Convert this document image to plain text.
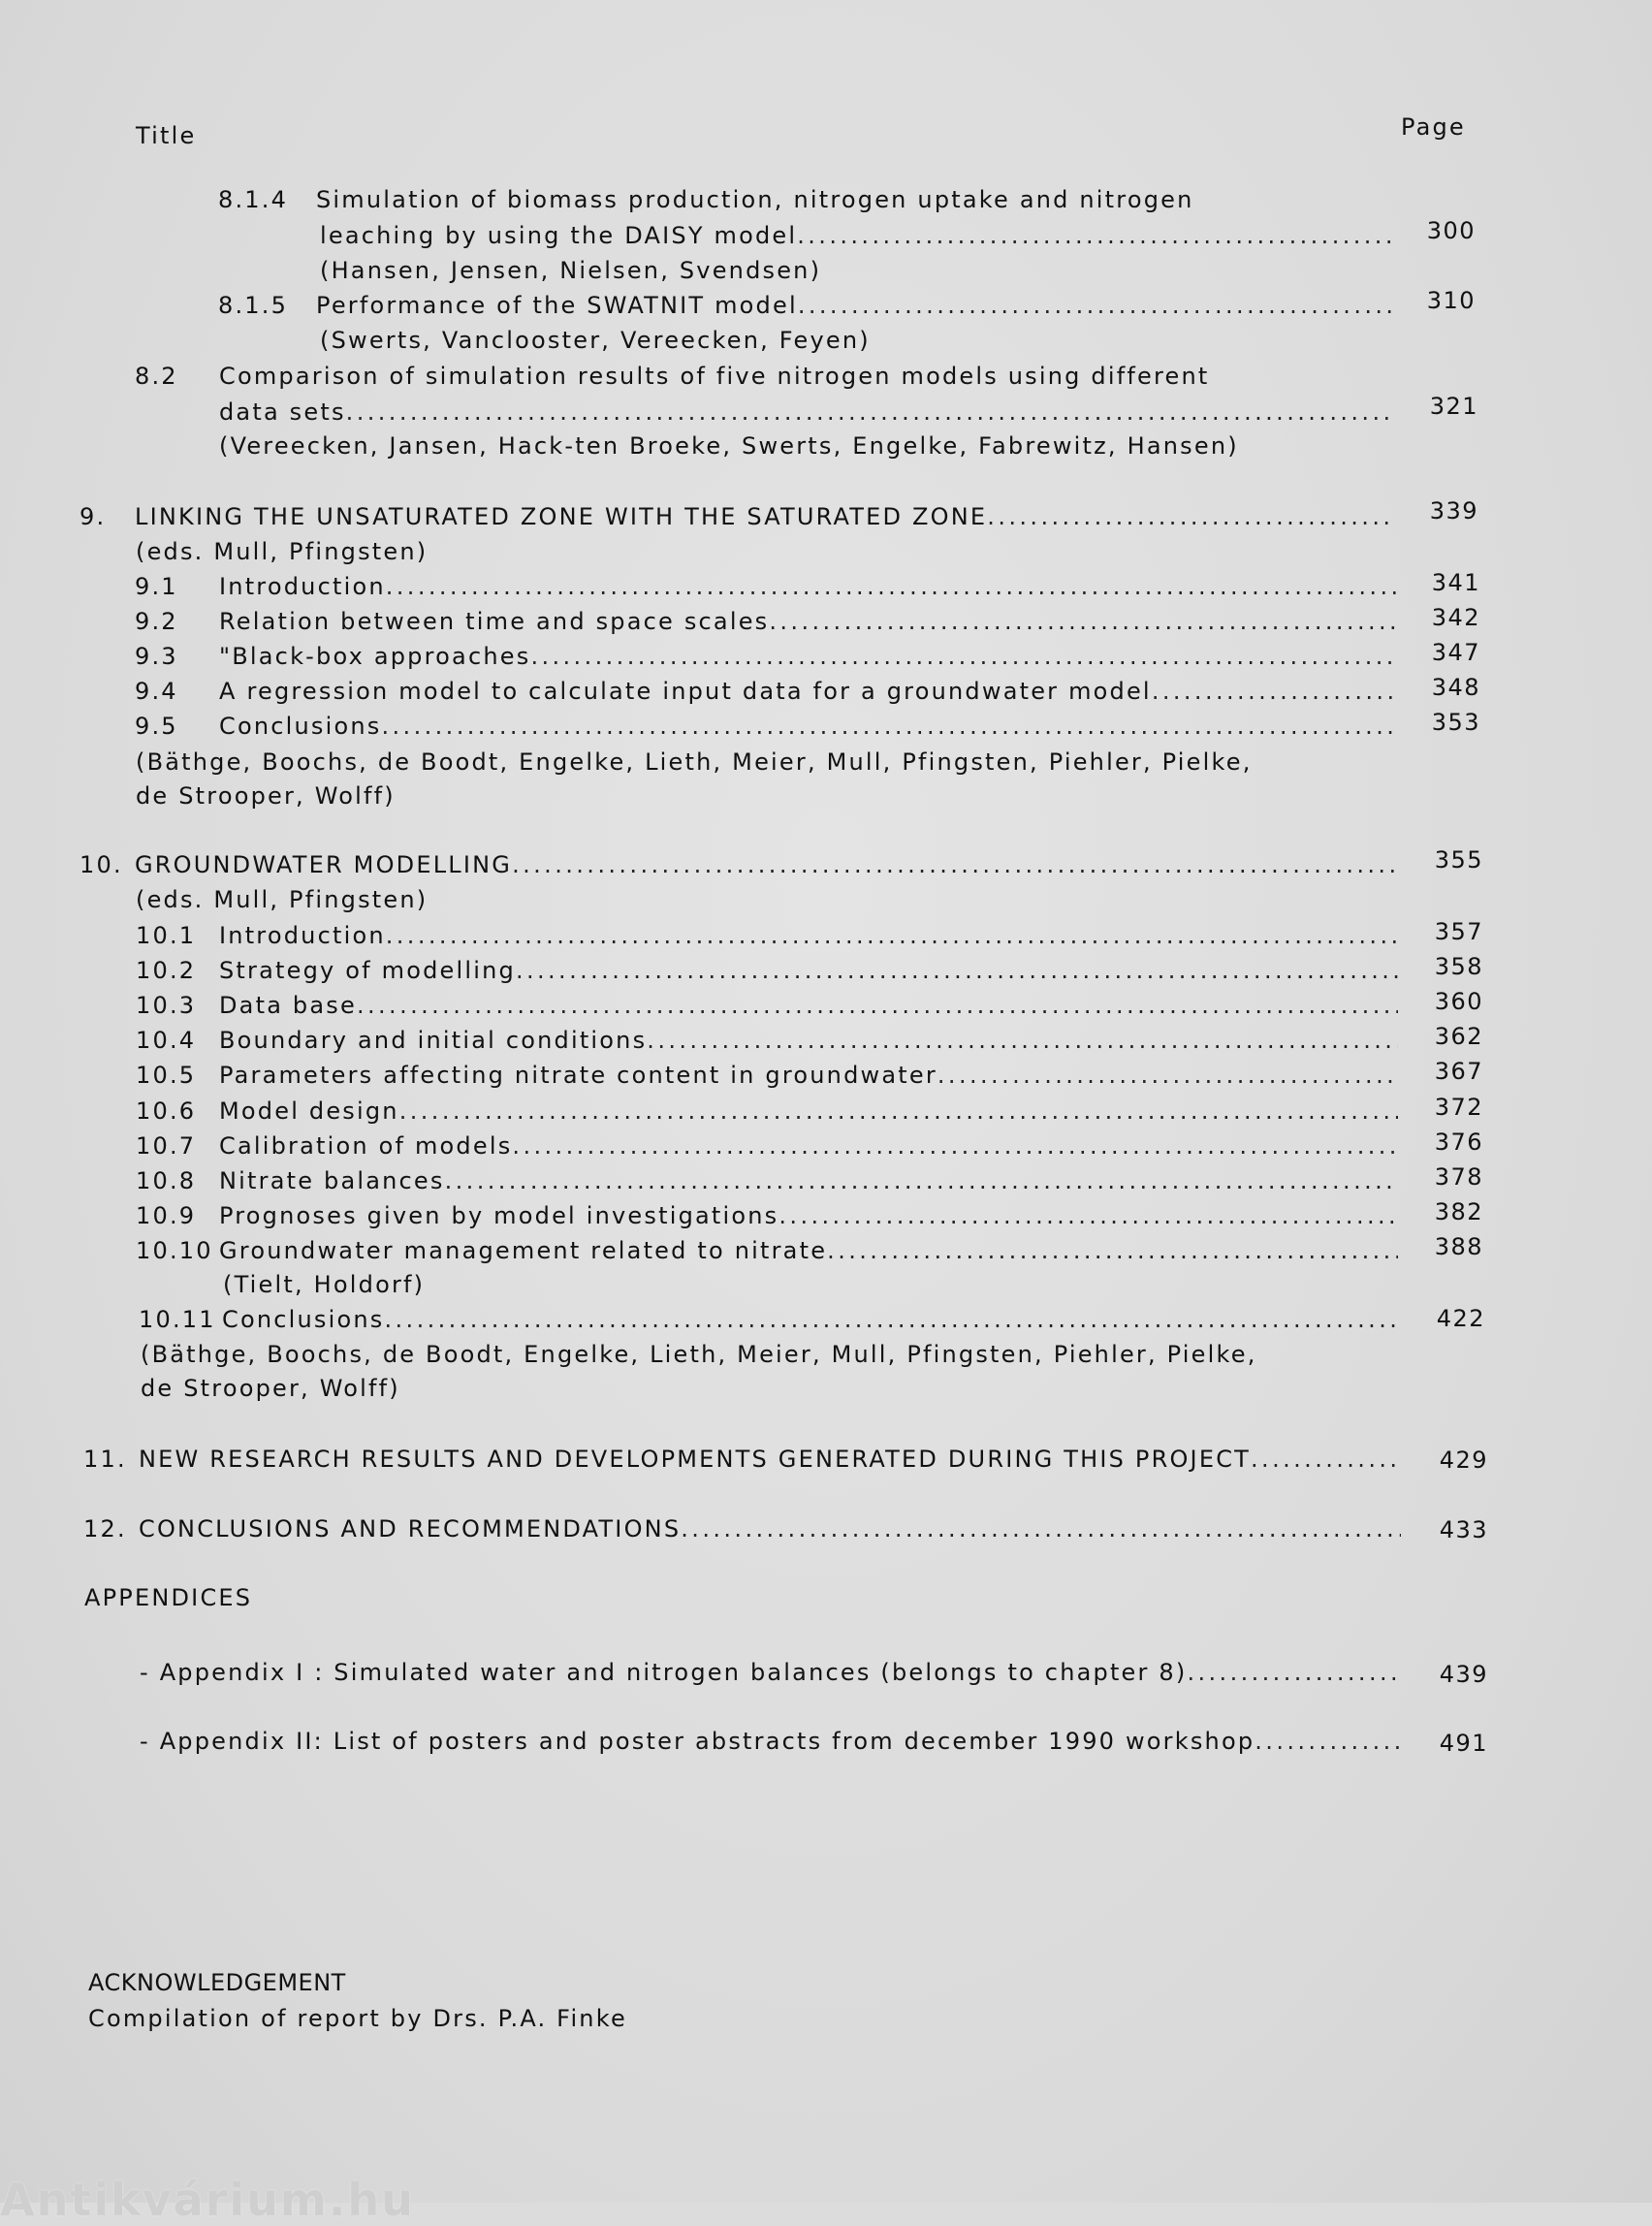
Title	Page
8.1.4 Simulation of biomass production, nitrogen uptake and nitrogen
leaching by using the DAISY model .....	300
(Hansen, Jensen, Nielsen, Svendsen)
8.1.5 Performance of the SWATNIT model .....	310
(Swerts, Vanclooster, Vereecken, Feyen)
8.2 Comparison of simulation results of five nitrogen models using different
data sets .....	321
(Vereecken, Jansen, Hack-ten Broeke, Swerts, Engelke, Fabrewitz, Hansen)
9. LINKING THE UNSATURATED ZONE WITH THE SATURATED ZONE .....	339
(eds. Mull, Pfingsten)
9.1 Introduction .....	341
9.2 Relation between time and space scales .....	342
9.3 "Black-box approaches .....	347
9.4 A regression model to calculate input data for a groundwater model .....	348
9.5 Conclusions .....	353
(Bäthge, Boochs, de Boodt, Engelke, Lieth, Meier, Mull, Pfingsten, Piehler, Pielke,
de Strooper, Wolff)
10. GROUNDWATER MODELLING .....	355
(eds. Mull, Pfingsten)
10.1 Introduction .....	357
10.2 Strategy of modelling .....	358
10.3 Data base .....	360
10.4 Boundary and initial conditions .....	362
10.5 Parameters affecting nitrate content in groundwater .....	367
10.6 Model design .....	372
10.7 Calibration of models .....	376
10.8 Nitrate balances .....	378
10.9 Prognoses given by model investigations .....	382
10.10 Groundwater management related to nitrate .....	388
(Tielt, Holdorf)
10.11 Conclusions .....	422
(Bäthge, Boochs, de Boodt, Engelke, Lieth, Meier, Mull, Pfingsten, Piehler, Pielke,
de Strooper, Wolff)
11. NEW RESEARCH RESULTS AND DEVELOPMENTS GENERATED DURING THIS PROJECT .....	429
12. CONCLUSIONS AND RECOMMENDATIONS .....	433
APPENDICES
- Appendix I : Simulated water and nitrogen balances (belongs to chapter 8) .....	439
- Appendix II: List of posters and poster abstracts from december 1990 workshop .....	491
ACKNOWLEDGEMENT
Compilation of report by Drs. P.A. Finke
Antikvárium.hu
